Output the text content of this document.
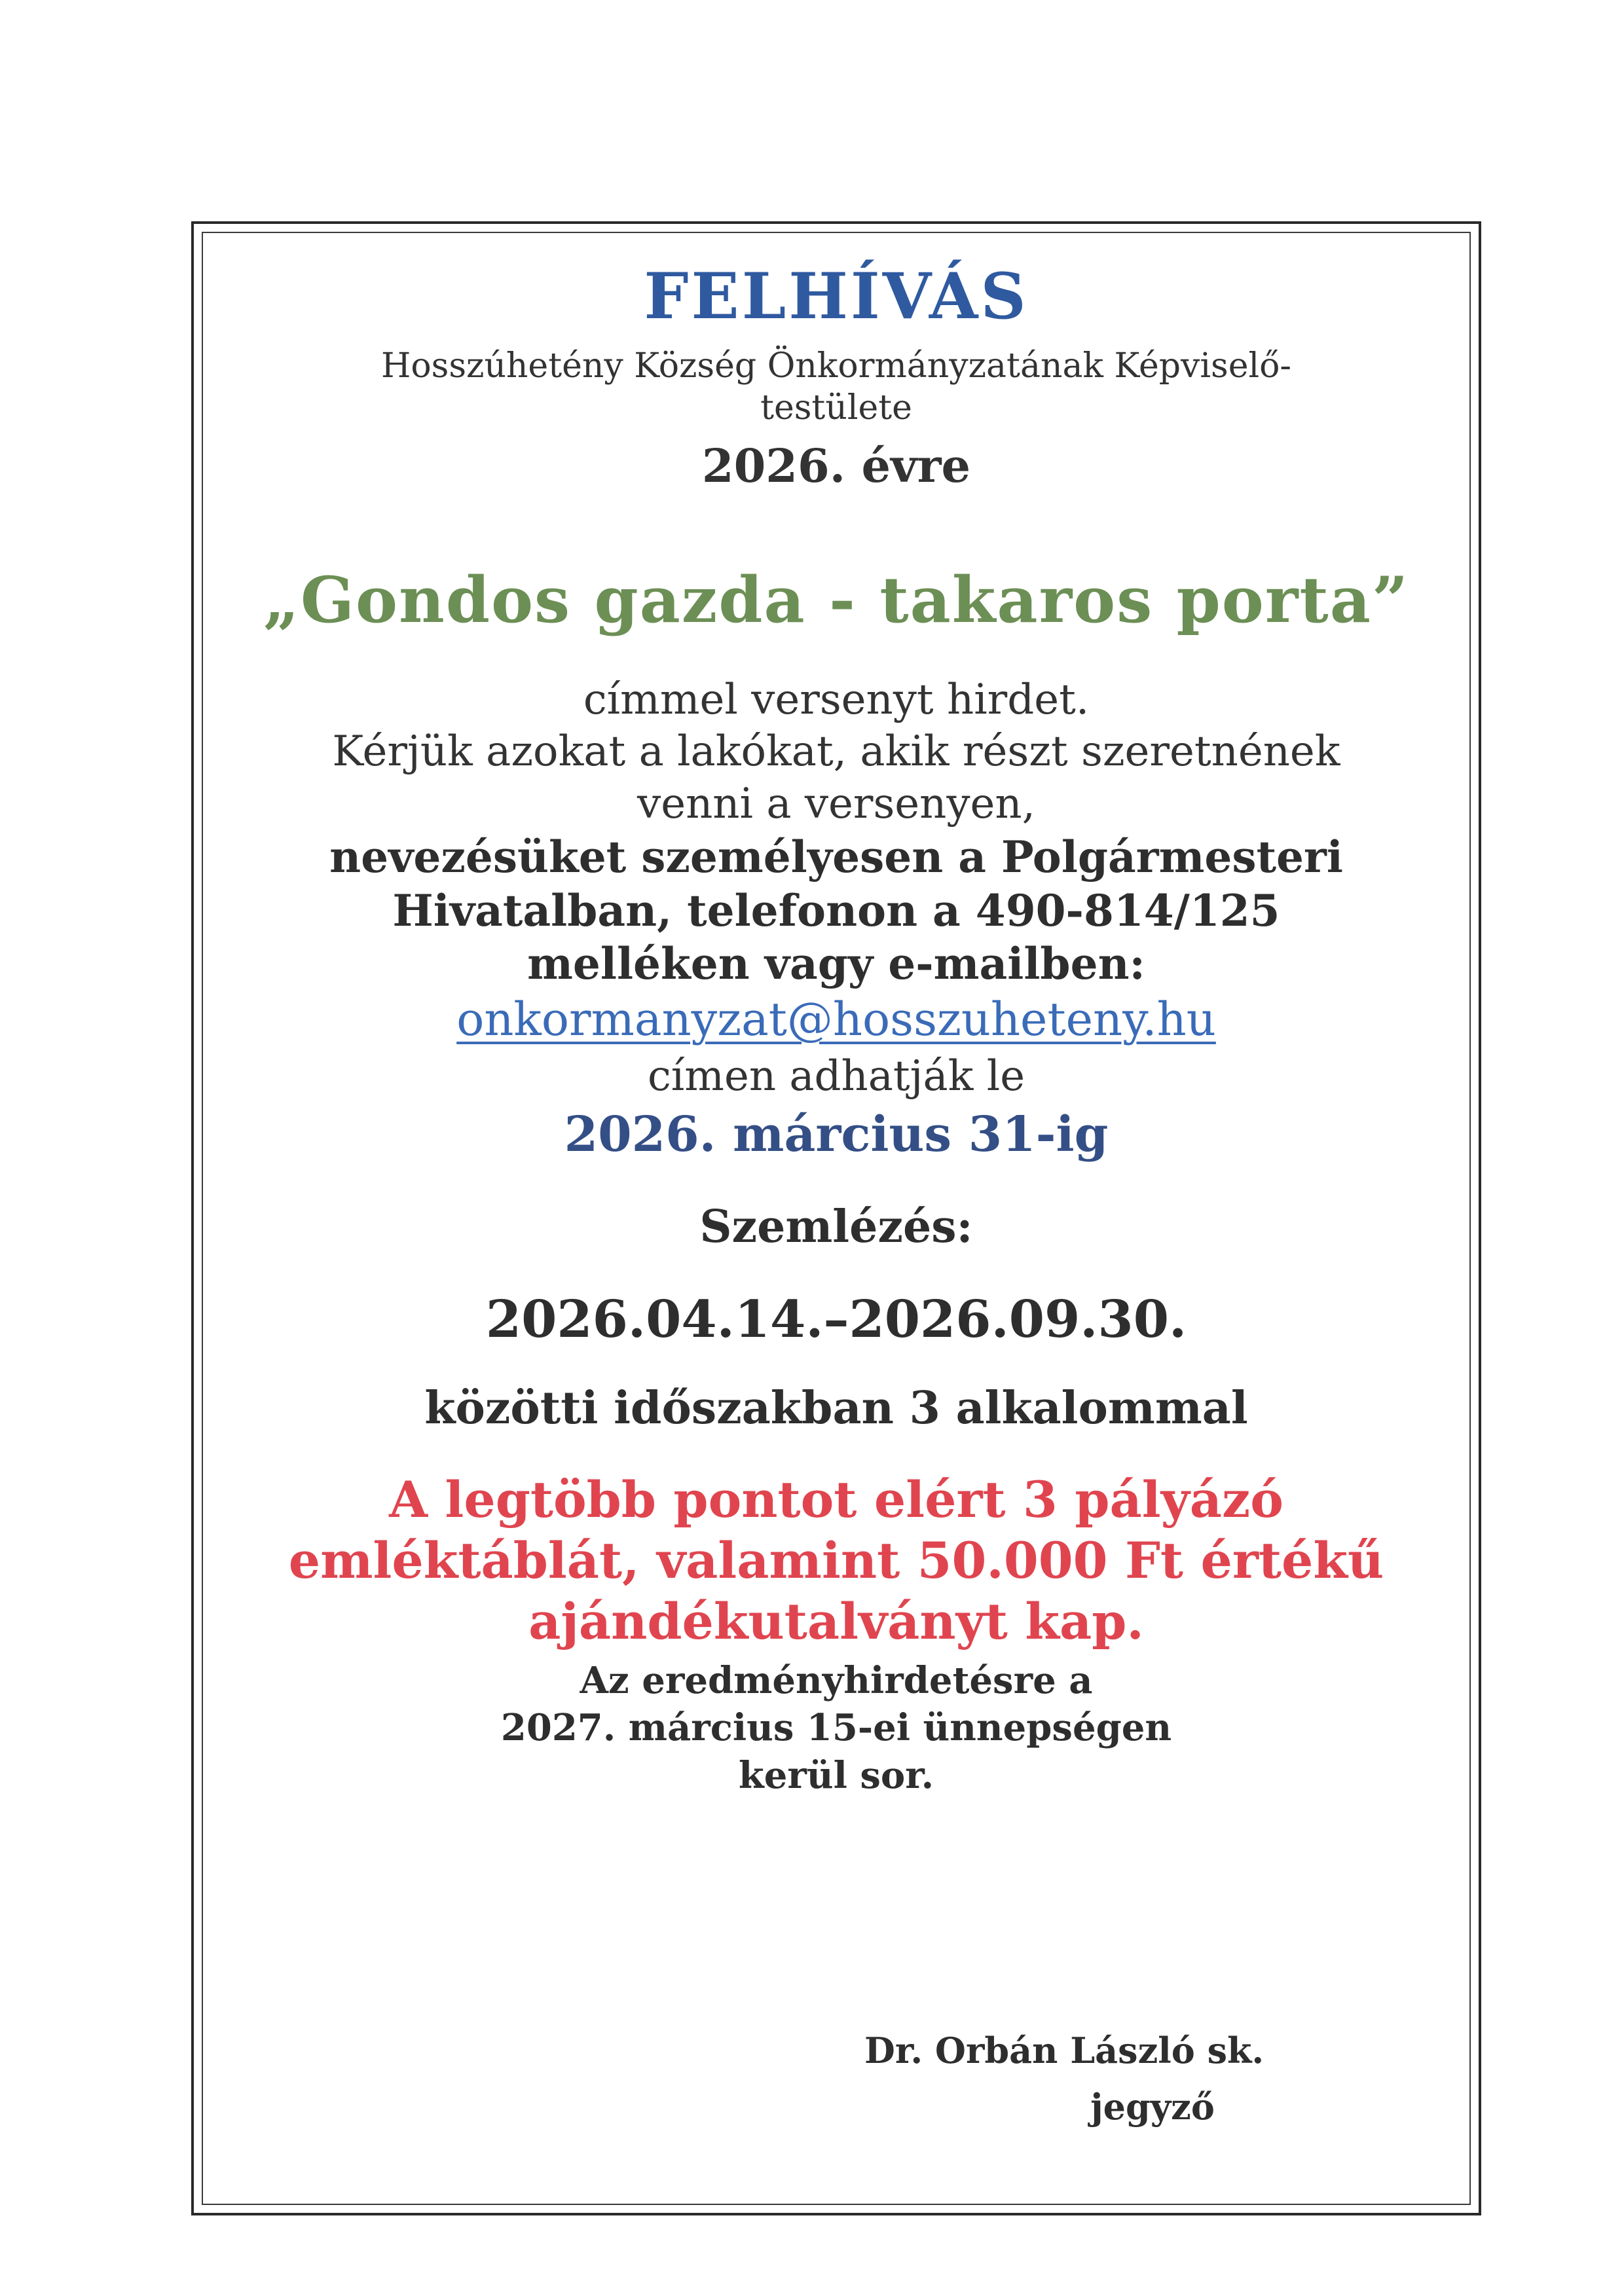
FELHÍVÁS
Hosszúhetény Község Önkormányzatának Képviselő-
testülete
2026. évre
„Gondos gazda - takaros porta”
címmel versenyt hirdet.
Kérjük azokat a lakókat, akik részt szeretnének
venni a versenyen,
nevezésüket személyesen a Polgármesteri
Hivatalban, telefonon a 490-814/125
melléken vagy e-mailben:
onkormanyzat@hosszuheteny.hu
címen adhatják le
2026. március 31-ig
Szemlézés:
2026.04.14.–2026.09.30.
közötti időszakban 3 alkalommal
A legtöbb pontot elért 3 pályázó
emléktáblát, valamint 50.000 Ft értékű
ajándékutalványt kap.
Az eredményhirdetésre a
2027. március 15-ei ünnepségen
kerül sor.
Dr. Orbán László sk.
jegyző
